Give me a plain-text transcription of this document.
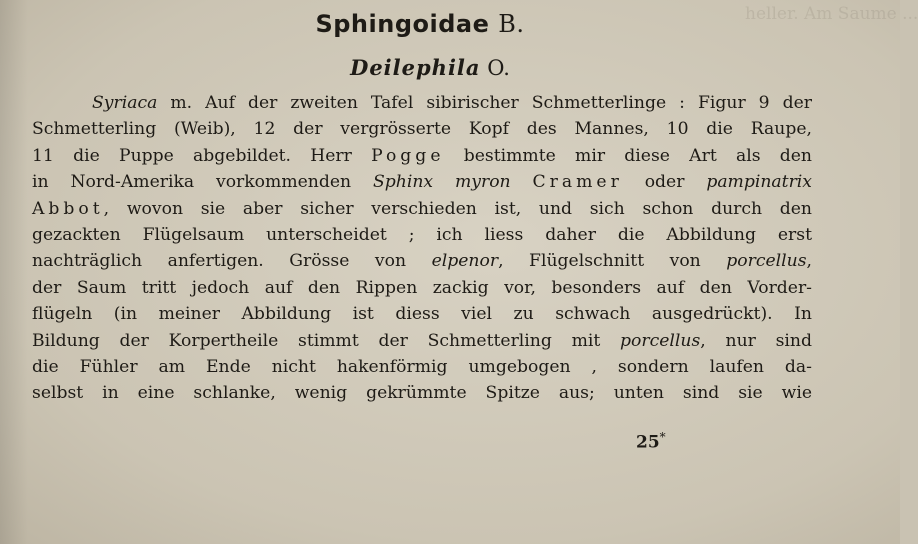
heller. Am Saume ...
Sphingoidae B.
Deilephila O.
Syriaca m. Auf der zweiten Tafel sibirischer Schmetterlinge : Figur 9 der
Schmetterling (Weib), 12 der vergrösserte Kopf des Mannes, 10 die Raupe,
11 die Puppe abgebildet. Herr Pogge bestimmte mir diese Art als den
in Nord-Amerika vorkommenden Sphinx myron Cramer oder pampinatrix
Abbot, wovon sie aber sicher verschieden ist, und sich schon durch den
gezackten Flügelsaum unterscheidet ; ich liess daher die Abbildung erst
nachträglich anfertigen. Grösse von elpenor, Flügelschnitt von porcellus,
der Saum tritt jedoch auf den Rippen zackig vor, besonders auf den Vorder-
flügeln (in meiner Abbildung ist diess viel zu schwach ausgedrückt). In
Bildung der Korpertheile stimmt der Schmetterling mit porcellus, nur sind
die Fühler am Ende nicht hakenförmig umgebogen , sondern laufen da-
selbst in eine schlanke, wenig gekrümmte Spitze aus; unten sind sie wie
25*
